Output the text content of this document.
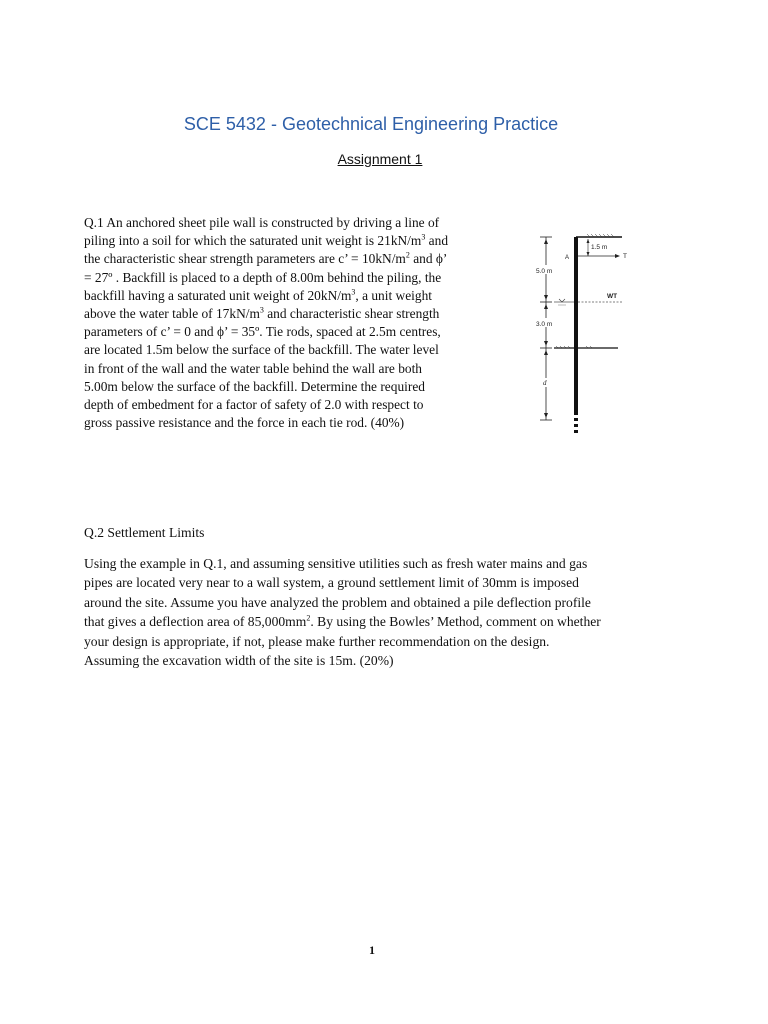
SCE 5432 - Geotechnical Engineering Practice
Assignment 1
Q.1 An anchored sheet pile wall is constructed by driving a line of
piling into a soil for which the saturated unit weight is $21kN/m^3$ and
the characteristic shear strength parameters are c’ = $10kN/m^2$ and ϕ’
= 27º . Backfill is placed to a depth of 8.00m behind the piling, the
backfill having a saturated unit weight of $20kN/m^3$, a unit weight
above the water table of $17kN/m^3$ and characteristic shear strength
parameters of c’ = 0 and ϕ’ = 35º. Tie rods, spaced at 2.5m centres,
are located 1.5m below the surface of the backfill. The water level
in front of the wall and the water table behind the wall are both
5.00m below the surface of the backfill. Determine the required
depth of embedment for a factor of safety of 2.0 with respect to
gross passive resistance and the force in each tie rod. (40%)
5.0 m
3.0 m
d
1.5 m
A	T
WT
Q.2 Settlement Limits
Using the example in Q.1, and assuming sensitive utilities such as fresh water mains and gas
pipes are located very near to a wall system, a ground settlement limit of 30mm is imposed
around the site. Assume you have analyzed the problem and obtained a pile deflection profile
that gives a deflection area of $85,000mm^2$. By using the Bowles’ Method, comment on whether
your design is appropriate, if not, please make further recommendation on the design.
Assuming the excavation width of the site is 15m. (20%)
1
